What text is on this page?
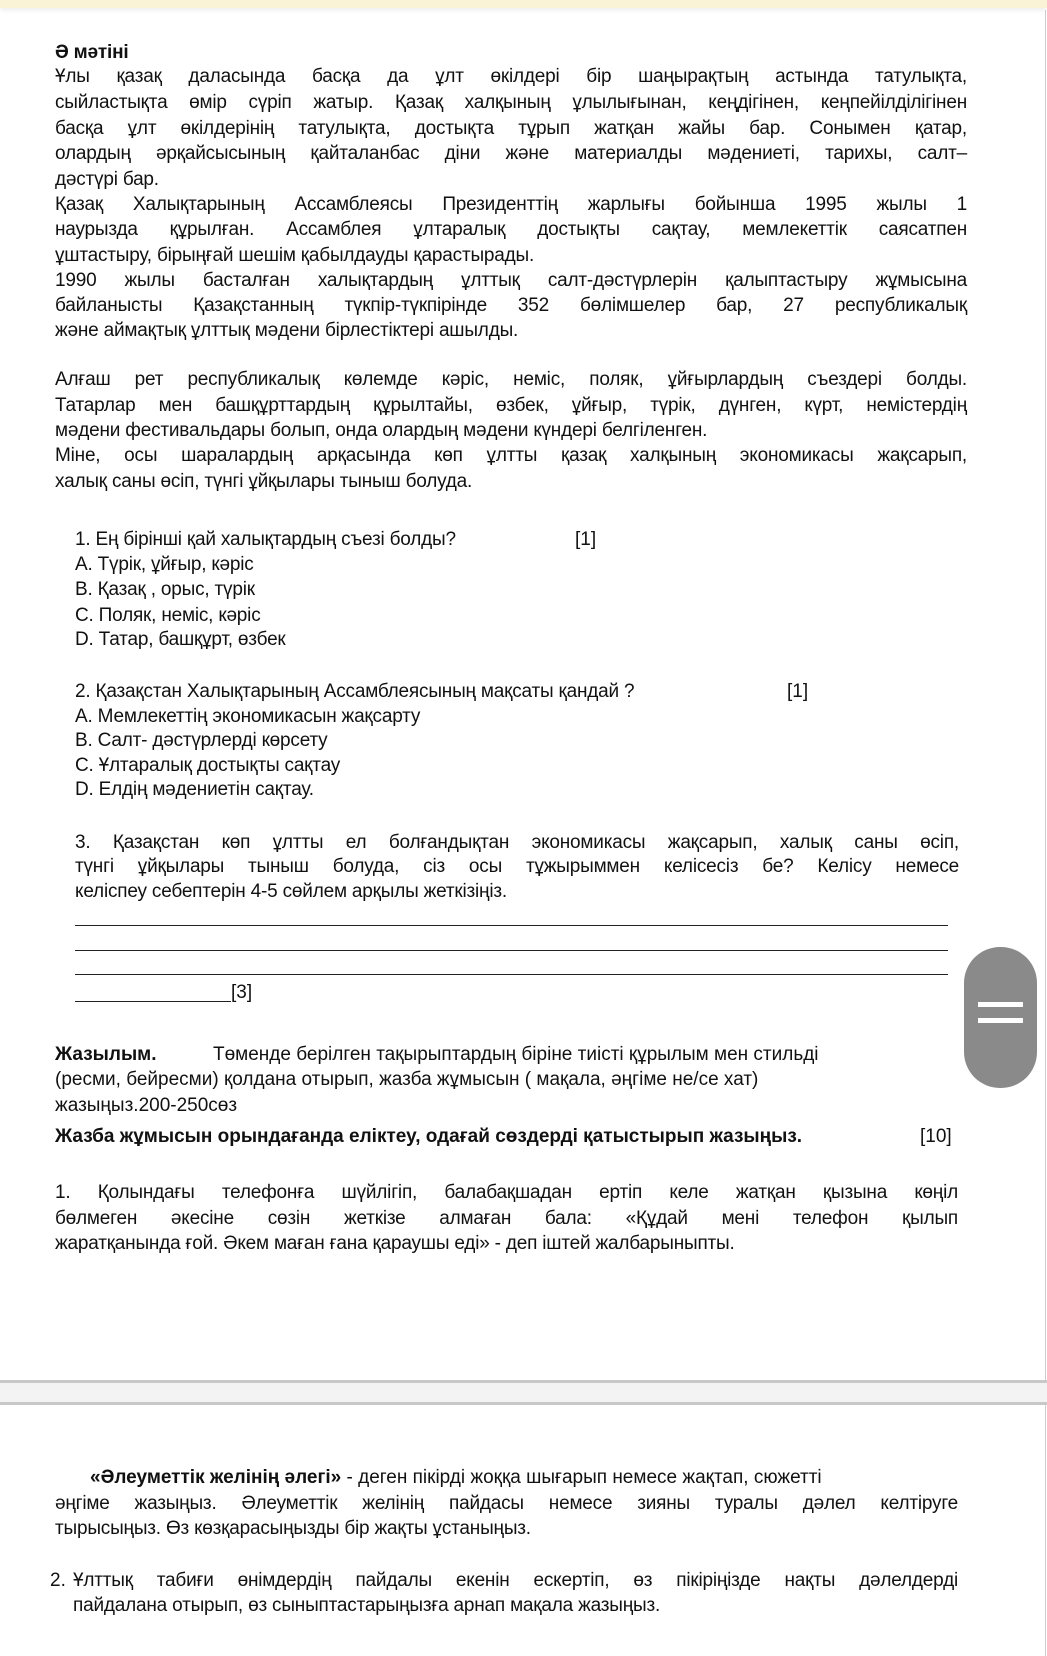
Ә мәтіні
Ұлы қазақ даласында басқа да ұлт өкілдері бір шаңырақтың астында татулықта,
сыйластықта өмір сүріп жатыр. Қазақ халқының ұлылығынан, кеңдігінен, кеңпейілділігінен
басқа ұлт өкілдерінің татулықта, достықта тұрып жатқан жайы бар. Сонымен қатар,
олардың әрқайсысының қайталанбас діни және материалды мәдениеті, тарихы, салт–
дәстүрі бар.
Қазақ Халықтарының Ассамблеясы Президенттің жарлығы бойынша 1995 жылы 1
наурызда құрылған. Ассамблея ұлтаралық достықты сақтау, мемлекеттік саясатпен
ұштастыру, бірыңғай шешім қабылдауды қарастырады.
1990 жылы басталған халықтардың ұлттық салт-дәстүрлерін қалыптастыру жұмысына
байланысты Қазақстанның түкпір-түкпірінде 352 бөлімшелер бар, 27 республикалық
және аймақтық ұлттық мәдени бірлестіктері ашылды.
Алғаш рет республикалық көлемде кәріс, неміс, поляк, ұйғырлардың съездері болды.
Татарлар мен башқұрттардың құрылтайы, өзбек, ұйғыр, түрік, дүнген, күрт, немістердің
мәдени фестивальдары болып, онда олардың мәдени күндері белгіленген.
Міне, осы шаралардың арқасында көп ұлтты қазақ халқының экономикасы жақсарып,
халық саны өсіп, түнгі ұйқылары тыныш болуда.
1. Ең бірінші қай халықтардың съезі болды?	[1]
A. Түрік, ұйғыр, кәріс
B. Қазақ , орыс, түрік
C. Поляк, неміс, кәріс
D. Татар, башқұрт, өзбек
2. Қазақстан Халықтарының Ассамблеясының мақсаты қандай ?	[1]
A. Мемлекеттің экономикасын жақсарту
B. Салт- дәстүрлерді көрсету
C. Ұлтаралық достықты сақтау
D. Елдің мәдениетін сақтау.
3. Қазақстан көп ұлтты ел болғандықтан экономикасы жақсарып, халық саны өсіп,
түнгі ұйқылары тыныш болуда, сіз осы тұжырыммен келісесіз бе? Келісу немесе
келіспеу себептерін 4-5 сөйлем арқылы жеткізіңіз.
[3]
Жазылым.	Төменде берілген тақырыптардың біріне тиісті құрылым мен стильді
(ресми, бейресми) қолдана отырып, жазба жұмысын ( мақала, әңгіме не/се хат)
жазыңыз.200-250сөз
Жазба жұмысын орындағанда еліктеу, одағай сөздерді қатыстырып жазыңыз.	[10]
1. Қолындағы телефонға шүйлігіп, балабақшадан ертіп келе жатқан қызына көңіл
бөлмеген әкесіне сөзін жеткізе алмаған бала: «Құдай мені телефон қылып
жаратқанында ғой. Әкем маған ғана қараушы еді» - деп іштей жалбарыныпты.
«Әлеуметтік желінің әлегі» - деген пікірді жоққа шығарып немесе жақтап, сюжетті
әңгіме жазыңыз. Әлеуметтік желінің пайдасы немесе зияны туралы дәлел келтіруге
тырысыңыз. Өз көзқарасыңызды бір жақты ұстаныңыз.
2. Ұлттық табиғи өнімдердің пайдалы екенін ескертіп, өз пікіріңізде нақты дәлелдерді
пайдалана отырып, өз сыныптастарыңызға арнап мақала жазыңыз.
